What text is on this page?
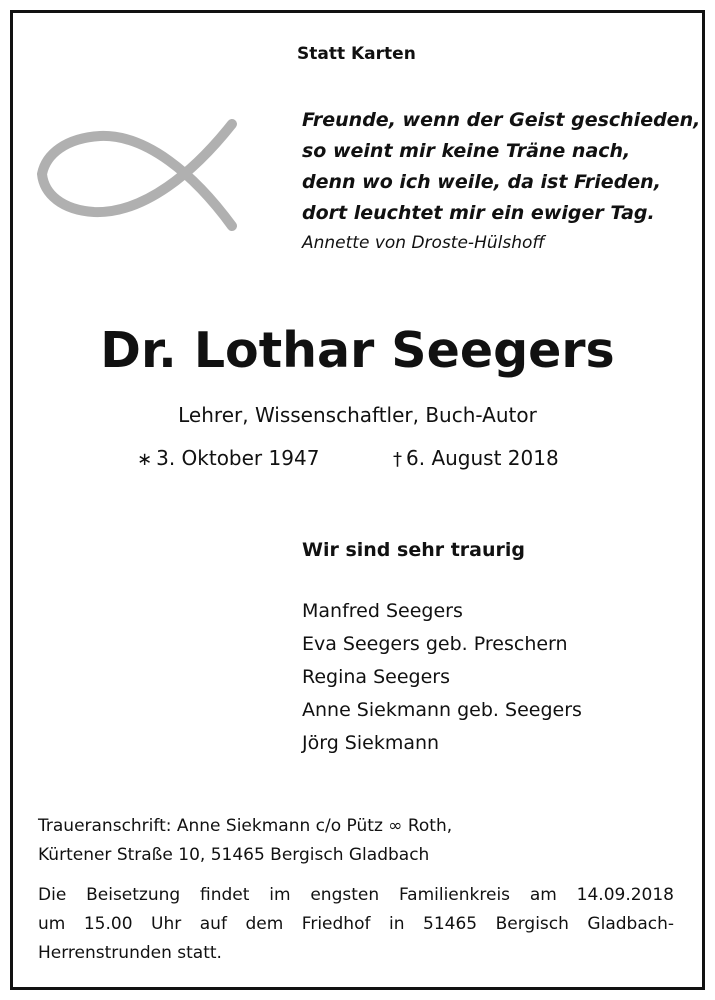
Statt Karten
Freunde, wenn der Geist geschieden,
so weint mir keine Träne nach,
denn wo ich weile, da ist Frieden,
dort leuchtet mir ein ewiger Tag.
Annette von Droste-Hülshoff
Dr. Lothar Seegers
Lehrer, Wissenschaftler, Buch-Autor
∗ 3. Oktober 1947	† 6. August 2018
Wir sind sehr traurig
Manfred Seegers
Eva Seegers geb. Preschern
Regina Seegers
Anne Siekmann geb. Seegers
Jörg Siekmann
Traueranschrift: Anne Siekmann c/o Pütz ∞ Roth,
Kürtener Straße 10, 51465 Bergisch Gladbach
Die Beisetzung findet im engsten Familienkreis am 14.09.2018
um 15.00 Uhr auf dem Friedhof in 51465 Bergisch Gladbach-
Herrenstrunden statt.
